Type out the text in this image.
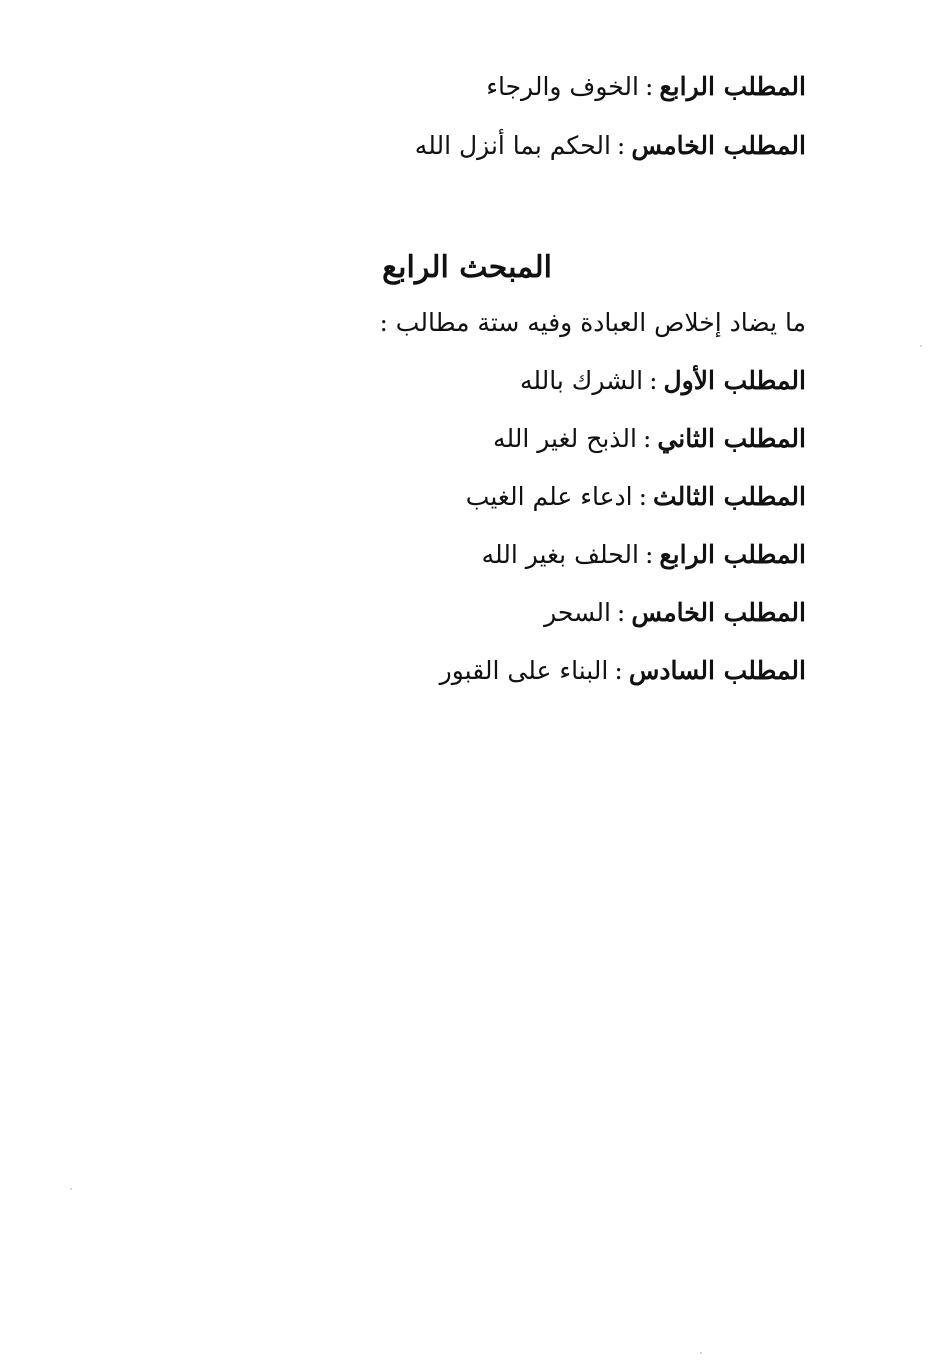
المطلب الرابع:الخوف والرجاء
المطلب الخامس:الحكم بما أنزل الله
المبحث الرابع
ما يضاد إخلاص العبادة وفيه ستة مطالب :
المطلب الأول:الشرك بالله
المطلب الثاني:الذبح لغير الله
المطلب الثالث:ادعاء علم الغيب
المطلب الرابع:الحلف بغير الله
المطلب الخامس:السحر
المطلب السادس:البناء على القبور
